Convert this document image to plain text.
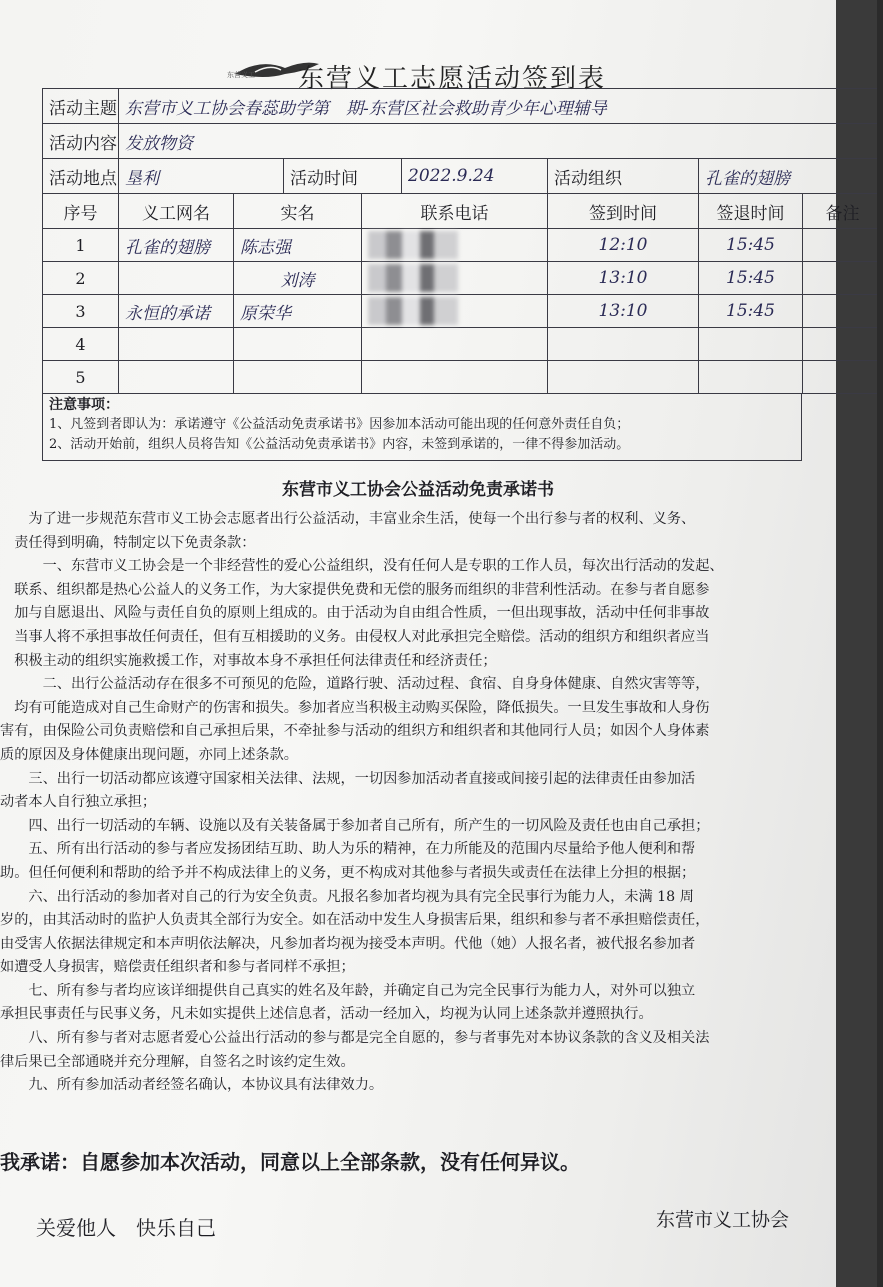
东营义工 东营义工志愿活动签到表
活动主题	东营市义工协会春蕊助学第　期-东营区社会救助青少年心理辅导							
活动内容	发放物资							
活动地点	垦利		活动时间		2022.9.24	活动组织	孔雀的翅膀	
序号	义工网名	实名		联系电话		签到时间	签退时间	备注
1	孔雀的翅膀	陈志强				12:10	15:45	
2		刘涛				13:10	15:45	
3	永恒的承诺	原荣华				13:10	15:45	
4								
5								
注意事项：
1、凡签到者即认为：承诺遵守《公益活动免责承诺书》因参加本活动可能出现的任何意外责任自负；
2、活动开始前，组织人员将告知《公益活动免责承诺书》内容，未签到承诺的，一律不得参加活动。
东营市义工协会公益活动免责承诺书

　　为了进一步规范东营市义工协会志愿者出行公益活动，丰富业余生活，使每一个出行参与者的权利、义务、

　责任得到明确，特制定以下免责条款：

　　　一、东营市义工协会是一个非经营性的爱心公益组织，没有任何人是专职的工作人员，每次出行活动的发起、

　联系、组织都是热心公益人的义务工作，为大家提供免费和无偿的服务而组织的非营利性活动。在参与者自愿参

　加与自愿退出、风险与责任自负的原则上组成的。由于活动为自由组合性质，一但出现事故，活动中任何非事故

　当事人将不承担事故任何责任，但有互相援助的义务。由侵权人对此承担完全赔偿。活动的组织方和组织者应当

　积极主动的组织实施救援工作，对事故本身不承担任何法律责任和经济责任；

　　　二、出行公益活动存在很多不可预见的危险，道路行驶、活动过程、食宿、自身身体健康、自然灾害等等，

　均有可能造成对自己生命财产的伤害和损失。参加者应当积极主动购买保险，降低损失。一旦发生事故和人身伤

害有，由保险公司负责赔偿和自己承担后果，不牵扯参与活动的组织方和组织者和其他同行人员；如因个人身体素

质的原因及身体健康出现问题，亦同上述条款。

　　三、出行一切活动都应该遵守国家相关法律、法规，一切因参加活动者直接或间接引起的法律责任由参加活

动者本人自行独立承担；

　　四、出行一切活动的车辆、设施以及有关装备属于参加者自己所有，所产生的一切风险及责任也由自己承担；

　　五、所有出行活动的参与者应发扬团结互助、助人为乐的精神，在力所能及的范围内尽量给予他人便利和帮

助。但任何便利和帮助的给予并不构成法律上的义务，更不构成对其他参与者损失或责任在法律上分担的根据；

　　六、出行活动的参加者对自己的行为安全负责。凡报名参加者均视为具有完全民事行为能力人，未满 18 周

岁的，由其活动时的监护人负责其全部行为安全。如在活动中发生人身损害后果，组织和参与者不承担赔偿责任，

由受害人依据法律规定和本声明依法解决，凡参加者均视为接受本声明。代他（她）人报名者，被代报名参加者

如遭受人身损害，赔偿责任组织者和参与者同样不承担；

　　七、所有参与者均应该详细提供自己真实的姓名及年龄，并确定自己为完全民事行为能力人，对外可以独立

承担民事责任与民事义务，凡未如实提供上述信息者，活动一经加入，均视为认同上述条款并遵照执行。

　　八、所有参与者对志愿者爱心公益出行活动的参与都是完全自愿的，参与者事先对本协议条款的含义及相关法

律后果已全部通晓并充分理解，自签名之时该约定生效。

　　九、所有参加活动者经签名确认，本协议具有法律效力。

我承诺：自愿参加本次活动，同意以上全部条款，没有任何异议。
关爱他人　快乐自己	东营市义工协会
